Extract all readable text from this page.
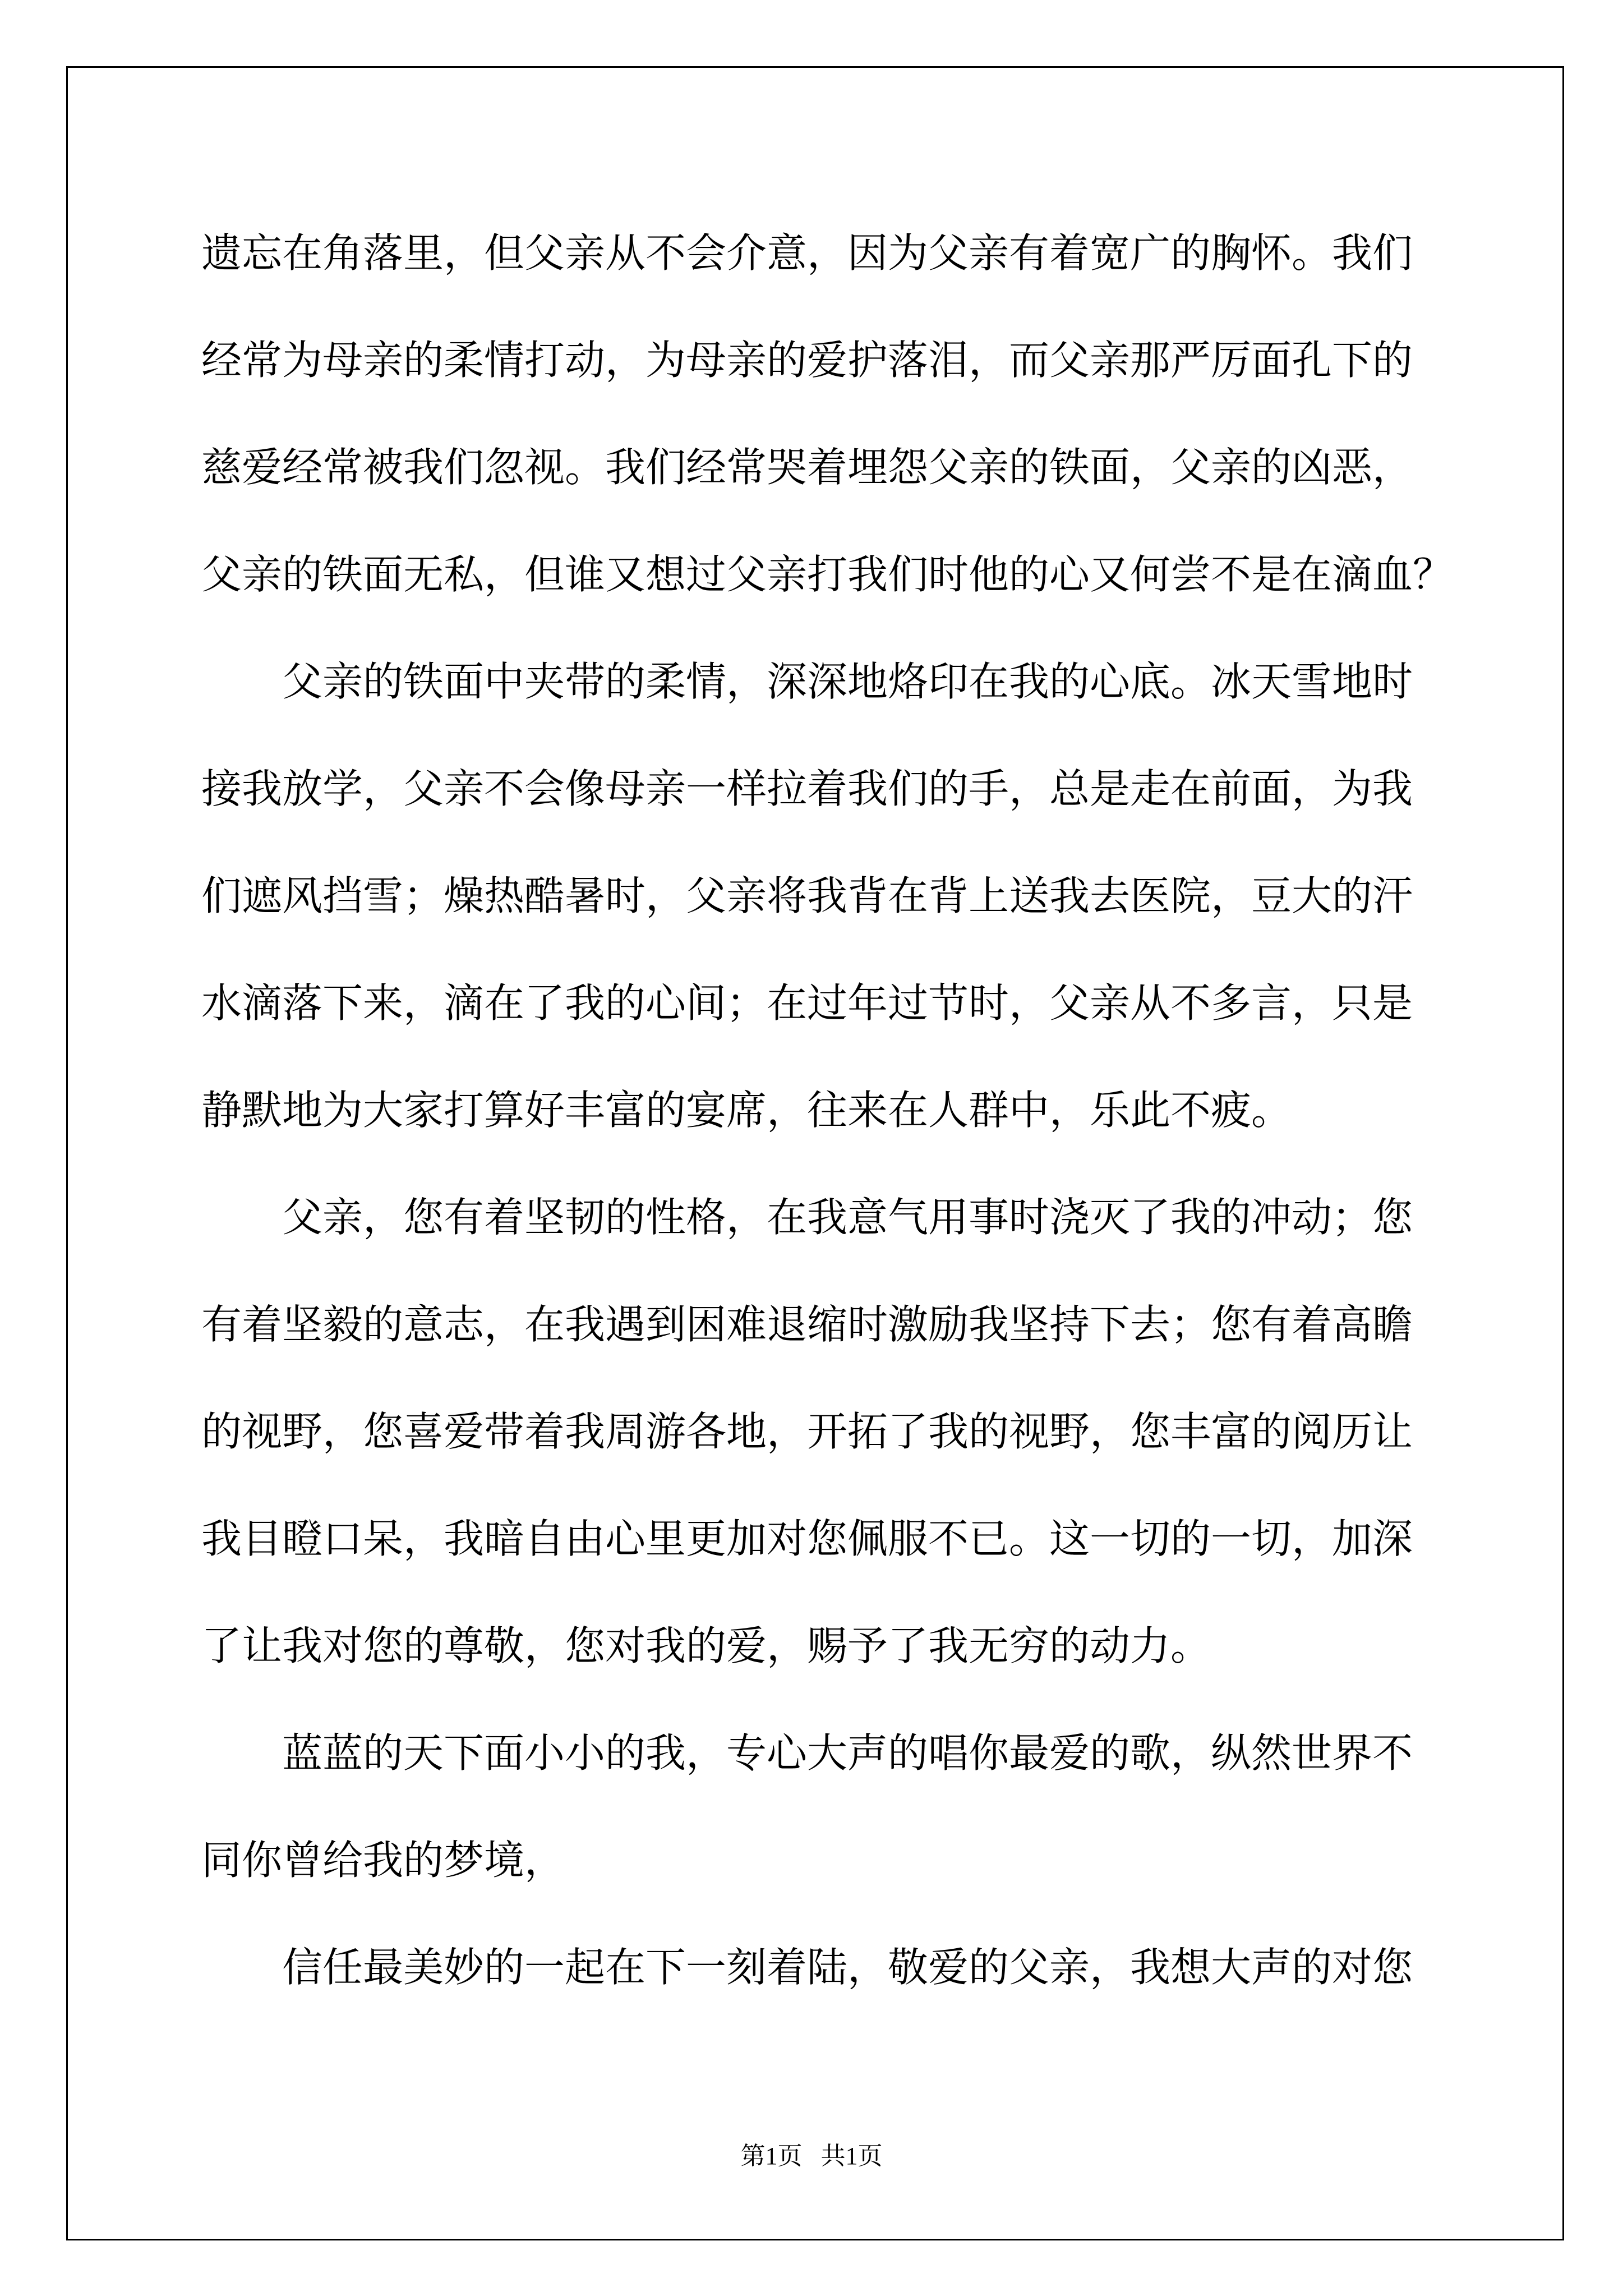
遗忘在角落里，但父亲从不会介意，因为父亲有着宽广的胸怀。我们
经常为母亲的柔情打动，为母亲的爱护落泪，而父亲那严厉面孔下的
慈爱经常被我们忽视。我们经常哭着埋怨父亲的铁面，父亲的凶恶，
父亲的铁面无私，但谁又想过父亲打我们时他的心又何尝不是在滴血？
父亲的铁面中夹带的柔情，深深地烙印在我的心底。冰天雪地时
接我放学，父亲不会像母亲一样拉着我们的手，总是走在前面，为我
们遮风挡雪；燥热酷暑时，父亲将我背在背上送我去医院，豆大的汗
水滴落下来，滴在了我的心间；在过年过节时，父亲从不多言，只是
静默地为大家打算好丰富的宴席，往来在人群中，乐此不疲。
父亲，您有着坚韧的性格，在我意气用事时浇灭了我的冲动；您
有着坚毅的意志，在我遇到困难退缩时激励我坚持下去；您有着高瞻
的视野，您喜爱带着我周游各地，开拓了我的视野，您丰富的阅历让
我目瞪口呆，我暗自由心里更加对您佩服不已。这一切的一切，加深
了让我对您的尊敬，您对我的爱，赐予了我无穷的动力。
蓝蓝的天下面小小的我，专心大声的唱你最爱的歌，纵然世界不
同你曾给我的梦境，
信任最美妙的一起在下一刻着陆，敬爱的父亲，我想大声的对您
第1页   共1页
